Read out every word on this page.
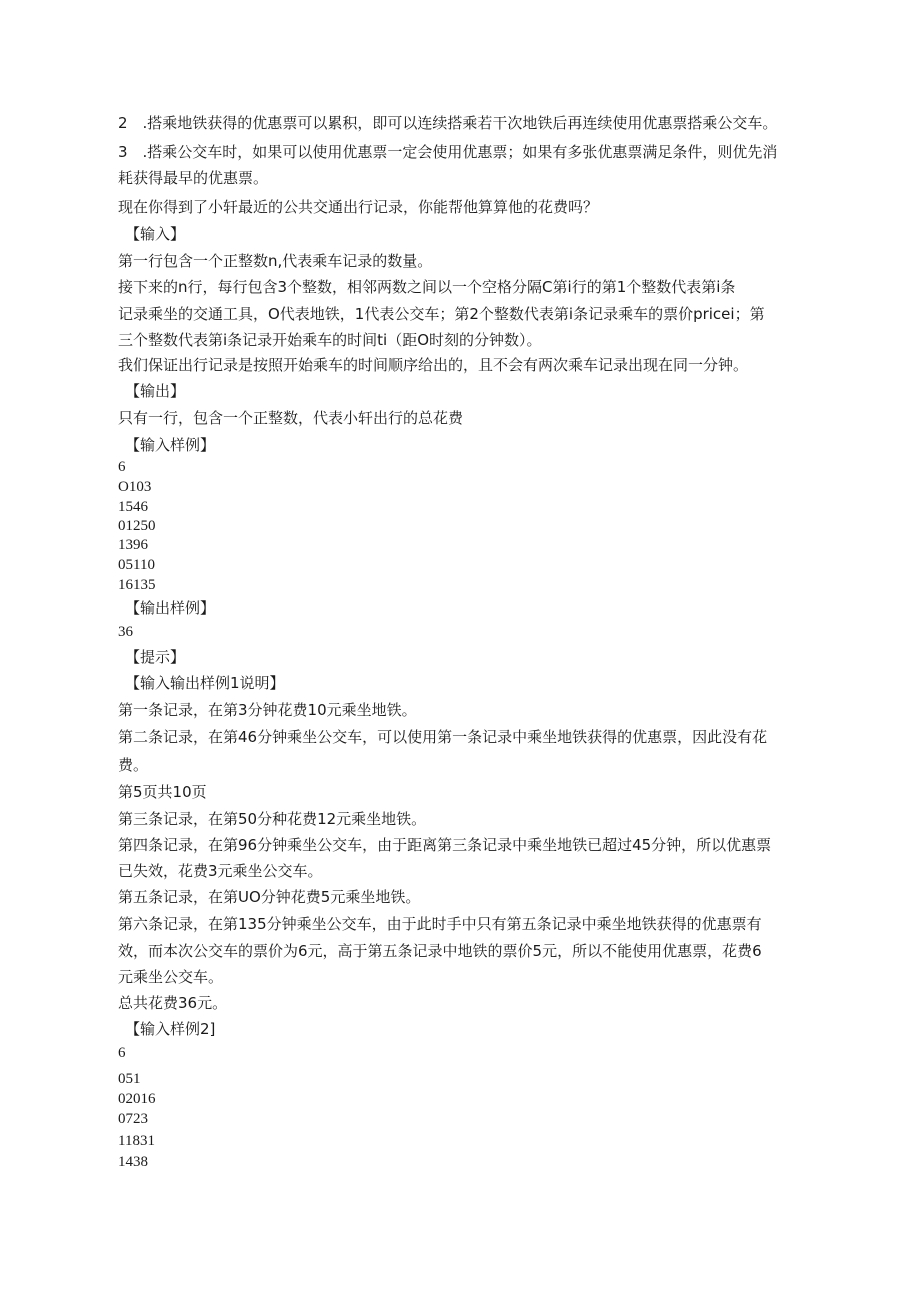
2　.搭乘地铁获得的优惠票可以累积，即可以连续搭乘若干次地铁后再连续使用优惠票搭乘公交车。
3　.搭乘公交车时，如果可以使用优惠票一定会使用优惠票；如果有多张优惠票满足条件，则优先消
耗获得最早的优惠票。
现在你得到了小轩最近的公共交通出行记录，你能帮他算算他的花费吗？
【输入】
第一行包含一个正整数n,代表乘车记录的数量。
接下来的n行，每行包含3个整数，相邻两数之间以一个空格分隔C第i行的第1个整数代表第i条
记录乘坐的交通工具，O代表地铁，1代表公交车；第2个整数代表第i条记录乘车的票价pricei；第
三个整数代表第i条记录开始乘车的时间ti（距O时刻的分钟数）。
我们保证出行记录是按照开始乘车的时间顺序给出的，且不会有两次乘车记录出现在同一分钟。
【输出】
只有一行，包含一个正整数，代表小轩出行的总花费
【输入样例】
6
O103
1546
01250
1396
05110
16135
【输出样例】
36
【提示】
【输入输出样例1说明】
第一条记录，在第3分钟花费10元乘坐地铁。
第二条记录，在第46分钟乘坐公交车，可以使用第一条记录中乘坐地铁获得的优惠票，因此没有花
费。
第5页共10页
第三条记录，在第50分种花费12元乘坐地铁。
第四条记录，在第96分钟乘坐公交车，由于距离第三条记录中乘坐地铁已超过45分钟，所以优惠票
已失效，花费3元乘坐公交车。
第五条记录，在第UO分钟花费5元乘坐地铁。
第六条记录，在第135分钟乘坐公交车，由于此时手中只有第五条记录中乘坐地铁获得的优惠票有
效，而本次公交车的票价为6元，高于第五条记录中地铁的票价5元，所以不能使用优惠票，花费6
元乘坐公交车。
总共花费36元。
【输入样例2]
6
051
02016
0723
11831
1438
